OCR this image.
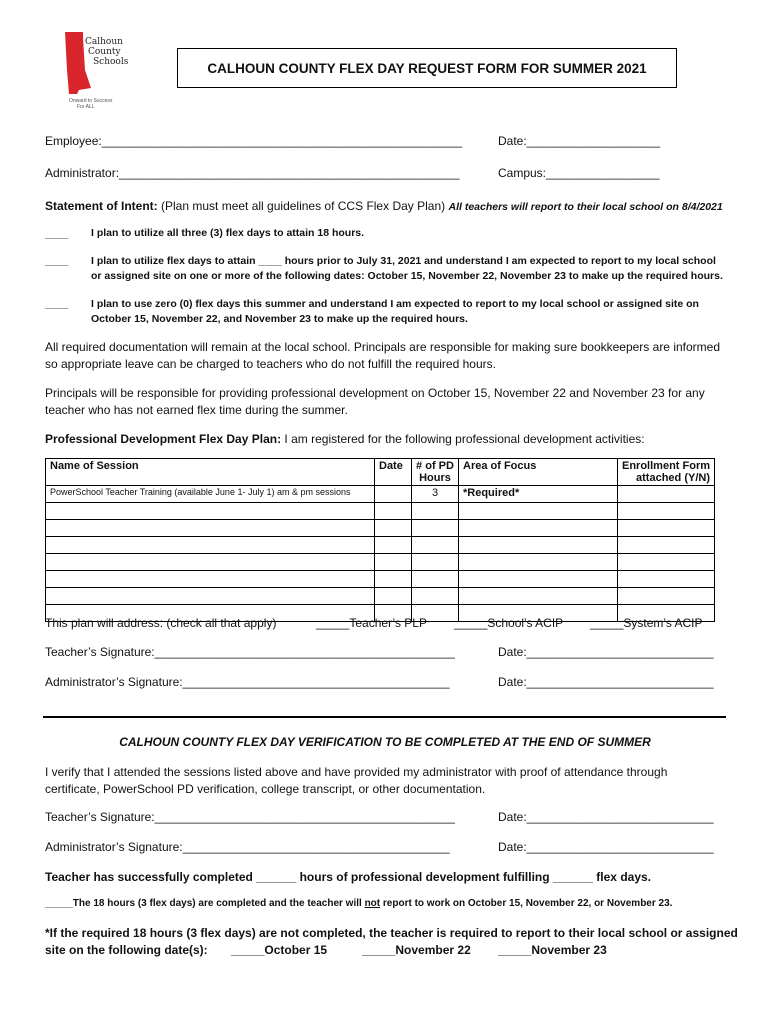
Calhoun
County
Schools
Onward to Success
For ALL
CALHOUN COUNTY FLEX DAY REQUEST FORM FOR SUMMER 2021
Employee:______________________________________________________	Date:____________________
Administrator:___________________________________________________	Campus:_________________
Statement of Intent: (Plan must meet all guidelines of CCS Flex Day Plan) All teachers will report to their local school on 8/4/2021
____ I plan to utilize all three (3) flex days to attain 18 hours.
____ I plan to utilize flex days to attain ____ hours prior to July 31, 2021 and understand I am expected to report to my local school or assigned site on one or more of the following dates: October 15, November 22, November 23 to make up the required hours.
____ I plan to use zero (0) flex days this summer and understand I am expected to report to my local school or assigned site on October 15, November 22, and November 23 to make up the required hours.
All required documentation will remain at the local school. Principals are responsible for making sure bookkeepers are informed so appropriate leave can be charged to teachers who do not fulfill the required hours.
Principals will be responsible for providing professional development on October 15, November 22 and November 23 for any teacher who has not earned flex time during the summer.
Professional Development Flex Day Plan: I am registered for the following professional development activities:
Name of Session	Date	# of PD Hours	Area of Focus	Enrollment Form attached (Y/N)
PowerSchool Teacher Training (available June 1- July 1) am & pm sessions		3	*Required*	

This plan will address: (check all that apply)	_____Teacher’s PLP _____School’s ACIP _____System’s ACIP
Teacher’s Signature:_____________________________________________	Date:____________________________
Administrator’s Signature:________________________________________	Date:____________________________
CALHOUN COUNTY FLEX DAY VERIFICATION TO BE COMPLETED AT THE END OF SUMMER
I verify that I attended the sessions listed above and have provided my administrator with proof of attendance through certificate, PowerSchool PD verification, college transcript, or other documentation.
Teacher’s Signature:_____________________________________________	Date:____________________________
Administrator’s Signature:________________________________________	Date:____________________________
Teacher has successfully completed ______ hours of professional development fulfilling ______ flex days.
_____The 18 hours (3 flex days) are completed and the teacher will not report to work on October 15, November 22, or November 23.
*If the required 18 hours (3 flex days) are not completed, the teacher is required to report to their local school or assigned
site on the following date(s): _____October 15	_____November 22 _____November 23
